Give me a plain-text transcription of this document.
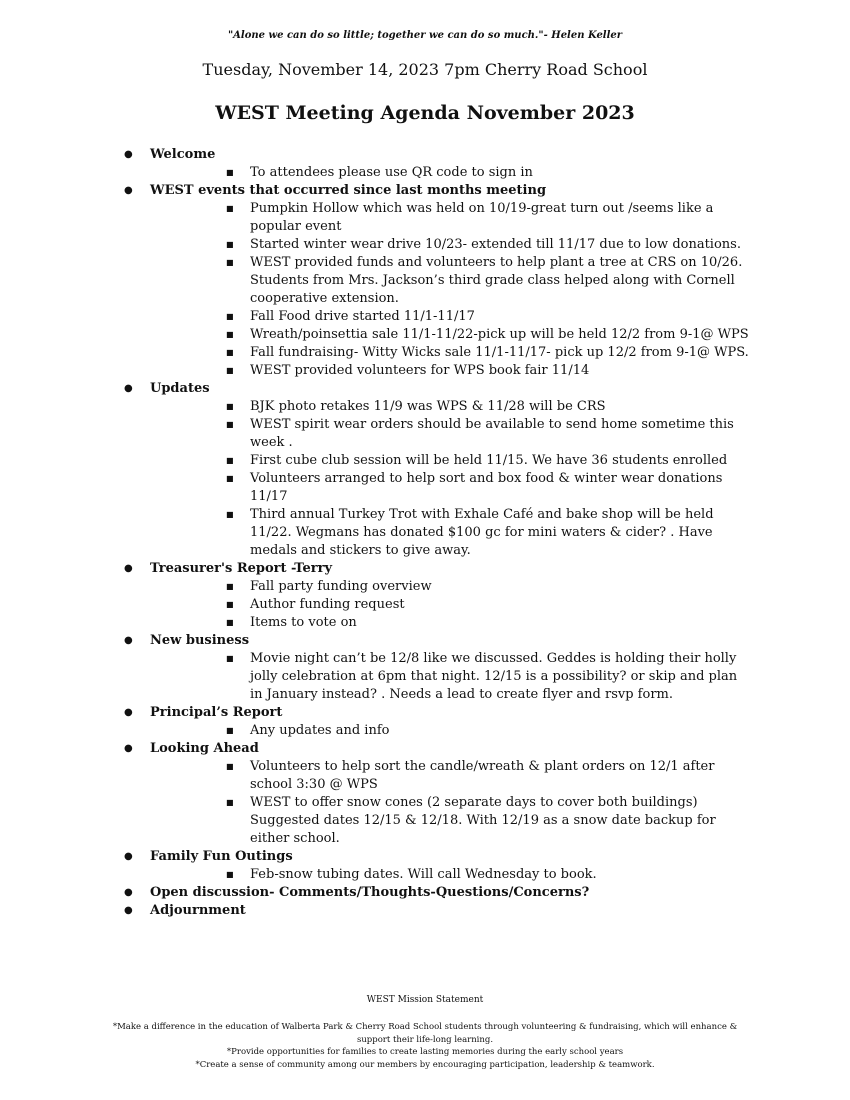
"Alone we can do so little; together we can do so much."- Helen Keller
Tuesday, November 14, 2023 7pm Cherry Road School
WEST Meeting Agenda November 2023
● Welcome
■ To attendees please use QR code to sign in
● WEST events that occurred since last months meeting
■ Pumpkin Hollow which was held on 10/19-great turn out /seems like a popular event
■ Started winter wear drive 10/23- extended till 11/17 due to low donations.
■ WEST provided funds and volunteers to help plant a tree at CRS on 10/26. Students from Mrs. Jackson’s third grade class helped along with Cornell cooperative extension.
■ Fall Food drive started 11/1-11/17
■ Wreath/poinsettia sale 11/1-11/22-pick up will be held 12/2 from 9-1@ WPS
■ Fall fundraising- Witty Wicks sale 11/1-11/17- pick up 12/2 from 9-1@ WPS.
■ WEST provided volunteers for WPS book fair 11/14
● Updates
■ BJK photo retakes 11/9 was WPS & 11/28 will be CRS
■ WEST spirit wear orders should be available to send home sometime this week .
■ First cube club session will be held 11/15. We have 36 students enrolled
■ Volunteers arranged to help sort and box food & winter wear donations 11/17
■ Third annual Turkey Trot with Exhale Café and bake shop will be held 11/22. Wegmans has donated $100 gc for mini waters & cider? . Have medals and stickers to give away.
● Treasurer's Report -Terry
■ Fall party funding overview
■ Author funding request
■ Items to vote on
● New business
■ Movie night can’t be 12/8 like we discussed. Geddes is holding their holly jolly celebration at 6pm that night. 12/15 is a possibility? or skip and plan in January instead? . Needs a lead to create flyer and rsvp form.
● Principal’s Report
■ Any updates and info
● Looking Ahead
■ Volunteers to help sort the candle/wreath & plant orders on 12/1 after school 3:30 @ WPS
■ WEST to offer snow cones (2 separate days to cover both buildings) Suggested dates 12/15 & 12/18. With 12/19 as a snow date backup for either school.
● Family Fun Outings
■ Feb-snow tubing dates. Will call Wednesday to book.
● Open discussion- Comments/Thoughts-Questions/Concerns?
● Adjournment
WEST Mission Statement
*Make a difference in the education of Walberta Park & Cherry Road School students through volunteering & fundraising, which will enhance & support their life-long learning.
*Provide opportunities for families to create lasting memories during the early school years
*Create a sense of community among our members by encouraging participation, leadership & teamwork.
